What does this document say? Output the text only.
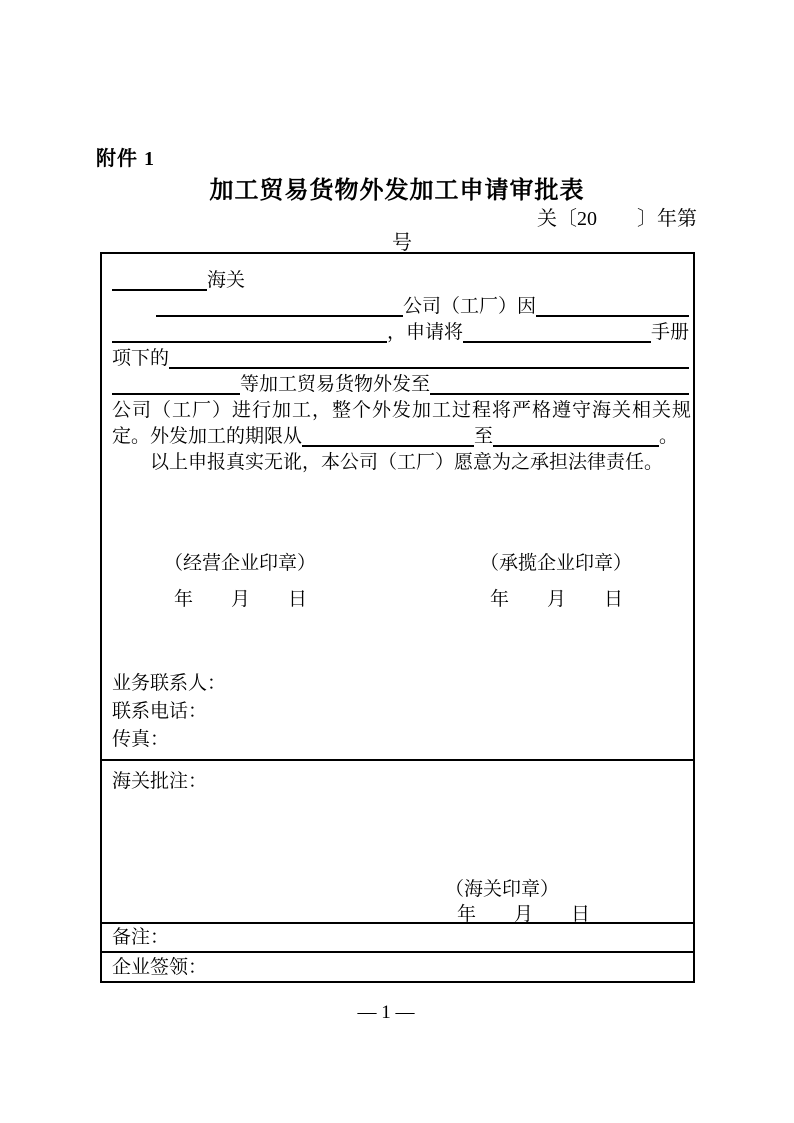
附件 1
加工贸易货物外发加工申请审批表
关〔20　　〕年第
号
海关
公司（工厂）因
，申请将	手册
项下的
等加工贸易货物外发至
公司（工厂）进行加工，整个外发加工过程将严格遵守海关相关规
定。外发加工的期限从	至	。
以上申报真实无讹，本公司（工厂）愿意为之承担法律责任。
（经营企业印章）	（承揽企业印章）
年　　月　　日	年　　月　　日
业务联系人：
联系电话：
传真：
海关批注：
（海关印章）
年　　月　　日
备注：
企业签领：
— 1 —
